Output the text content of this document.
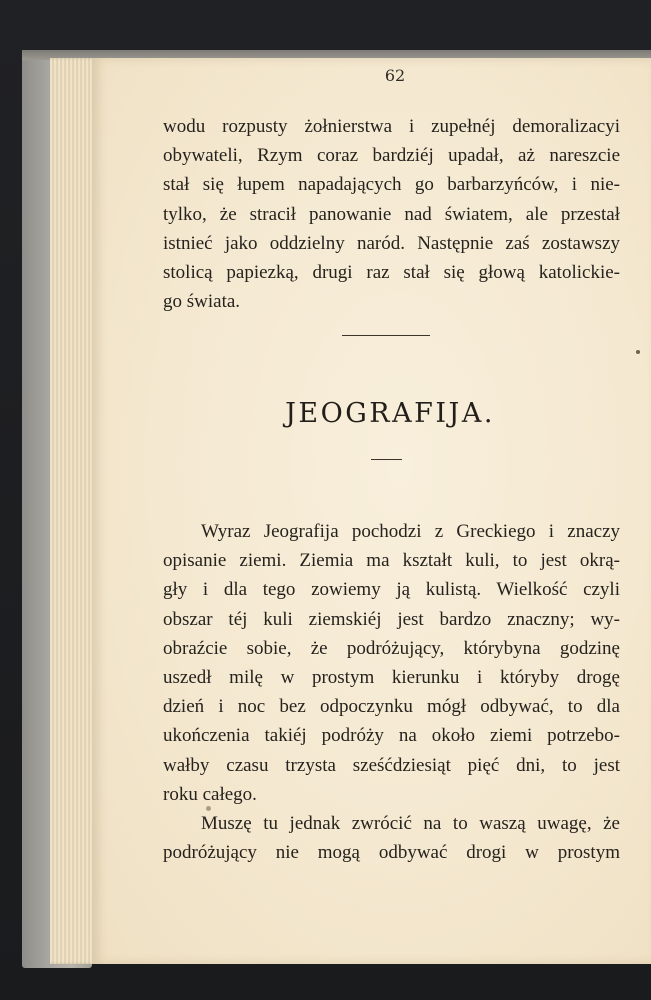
62
wodu rozpusty żołnierstwa i zupełnéj demoralizacyi
obywateli, Rzym coraz bardziéj upadał, aż nareszcie
stał się łupem napadających go barbarzyńców, i nie-
tylko, że stracił panowanie nad światem, ale przestał
istnieć jako oddzielny naród. Następnie zaś zostawszy
stolicą papiezką, drugi raz stał się głową katolickie-
go świata.
JEOGRAFIJA.
Wyraz Jeografija pochodzi z Greckiego i znaczy
opisanie ziemi. Ziemia ma kształt kuli, to jest okrą-
gły i dla tego zowiemy ją kulistą. Wielkość czyli
obszar téj kuli ziemskiéj jest bardzo znaczny; wy-
obraźcie sobie, że podróżujący, którybyna godzinę
uszedł milę w prostym kierunku i któryby drogę
dzień i noc bez odpoczynku mógł odbywać, to dla
ukończenia takiéj podróży na około ziemi potrzebo-
wałby czasu trzysta sześćdziesiąt pięć dni, to jest
roku całego.
Muszę tu jednak zwrócić na to waszą uwagę, że
podróżujący nie mogą odbywać drogi w prostym
